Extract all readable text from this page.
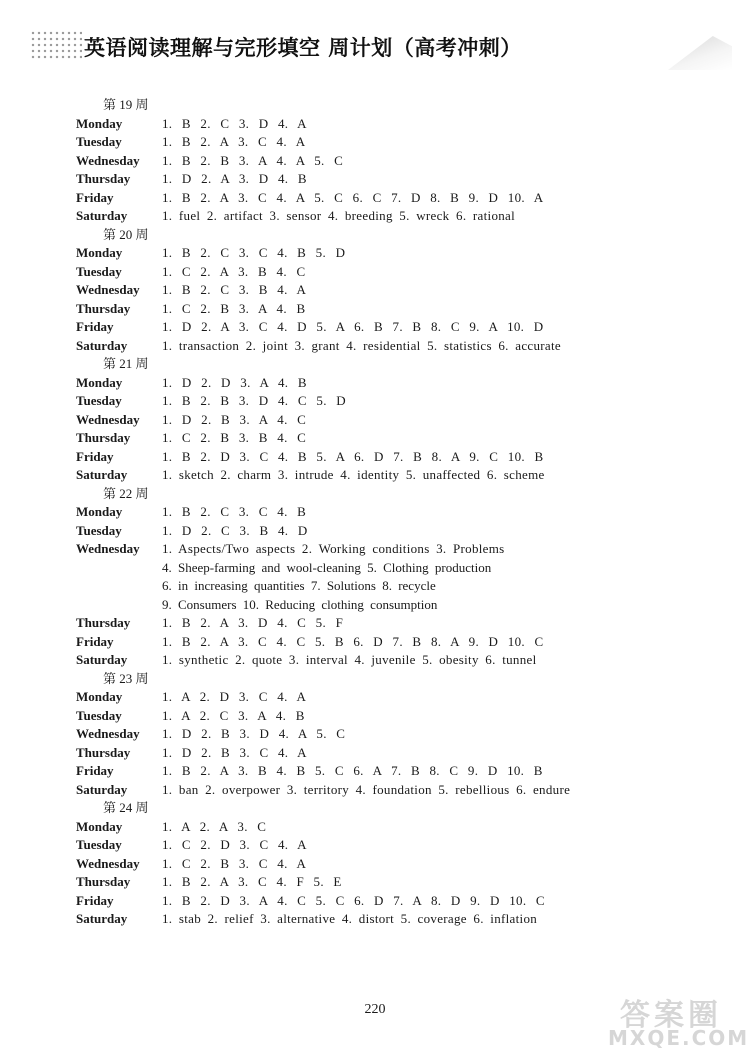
英语阅读理解与完形填空 周计划（高考冲刺）
第 19 周
Monday	1. B 2. C 3. D 4. A
Tuesday	1. B 2. A 3. C 4. A
Wednesday	1. B 2. B 3. A 4. A 5. C
Thursday	1. D 2. A 3. D 4. B
Friday	1. B 2. A 3. C 4. A 5. C 6. C 7. D 8. B 9. D 10. A
Saturday	1. fuel 2. artifact 3. sensor 4. breeding 5. wreck 6. rational
第 20 周
Monday	1. B 2. C 3. C 4. B 5. D
Tuesday	1. C 2. A 3. B 4. C
Wednesday	1. B 2. C 3. B 4. A
Thursday	1. C 2. B 3. A 4. B
Friday	1. D 2. A 3. C 4. D 5. A 6. B 7. B 8. C 9. A 10. D
Saturday	1. transaction 2. joint 3. grant 4. residential 5. statistics 6. accurate
第 21 周
Monday	1. D 2. D 3. A 4. B
Tuesday	1. B 2. B 3. D 4. C 5. D
Wednesday	1. D 2. B 3. A 4. C
Thursday	1. C 2. B 3. B 4. C
Friday	1. B 2. D 3. C 4. B 5. A 6. D 7. B 8. A 9. C 10. B
Saturday	1. sketch 2. charm 3. intrude 4. identity 5. unaffected 6. scheme
第 22 周
Monday	1. B 2. C 3. C 4. B
Tuesday	1. D 2. C 3. B 4. D
Wednesday	1. Aspects/Two aspects 2. Working conditions 3. Problems
4. Sheep-farming and wool-cleaning 5. Clothing production
6. in increasing quantities 7. Solutions 8. recycle
9. Consumers 10. Reducing clothing consumption
Thursday	1. B 2. A 3. D 4. C 5. F
Friday	1. B 2. A 3. C 4. C 5. B 6. D 7. B 8. A 9. D 10. C
Saturday	1. synthetic 2. quote 3. interval 4. juvenile 5. obesity 6. tunnel
第 23 周
Monday	1. A 2. D 3. C 4. A
Tuesday	1. A 2. C 3. A 4. B
Wednesday	1. D 2. B 3. D 4. A 5. C
Thursday	1. D 2. B 3. C 4. A
Friday	1. B 2. A 3. B 4. B 5. C 6. A 7. B 8. C 9. D 10. B
Saturday	1. ban 2. overpower 3. territory 4. foundation 5. rebellious 6. endure
第 24 周
Monday	1. A 2. A 3. C
Tuesday	1. C 2. D 3. C 4. A
Wednesday	1. C 2. B 3. C 4. A
Thursday	1. B 2. A 3. C 4. F 5. E
Friday	1. B 2. D 3. A 4. C 5. C 6. D 7. A 8. D 9. D 10. C
Saturday	1. stab 2. relief 3. alternative 4. distort 5. coverage 6. inflation
220	答案圈
MXQE.COM
